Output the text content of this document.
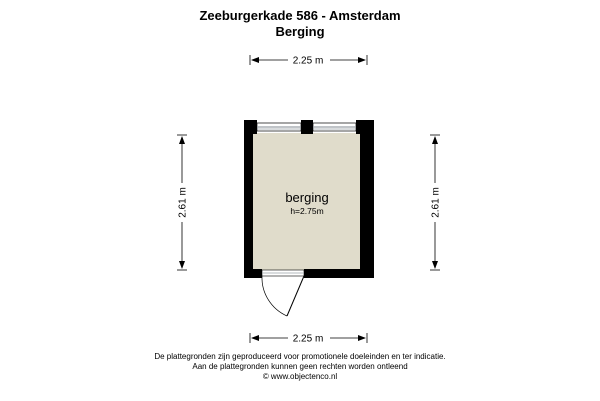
Zeeburgerkade 586 - Amsterdam

Berging

2.25 m
2.25 m
2.61 m	2.61 m
berging
h=2.75m

De plattegronden zijn geproduceerd voor promotionele doeleinden en ter indicatie.

Aan de plattegronden kunnen geen rechten worden ontleend

© www.objectenco.nl
